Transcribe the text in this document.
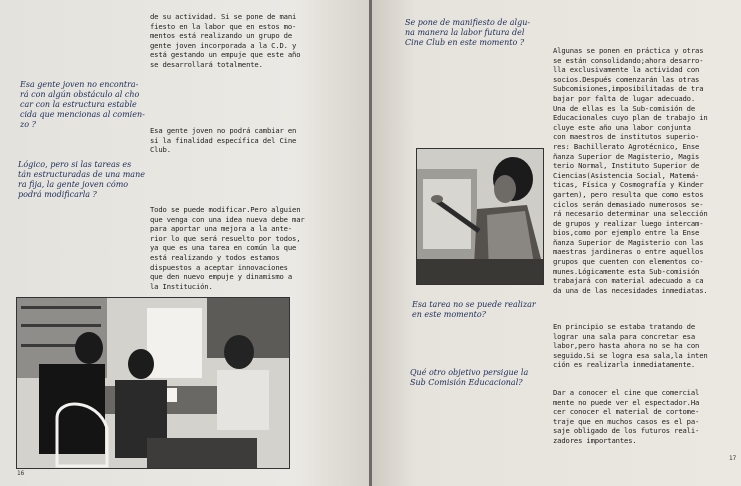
Esa gente joven no encontra-
rá con algún obstáculo al cho
car con la estructura estable
cida que mencionas al comien-
zo ?
Lógico, pero si las tareas es
tán estructuradas de una mane
ra fija, la gente joven cómo
podrá modificarla ?
de su actividad. Si se pone de mani
fiesto en la labor que en estos mo-
mentos está realizando un grupo de
gente joven incorporada a la C.D. y
está gestando un empuje que este año
se desarrollará totalmente.
Esa gente joven no podrá cambiar en
sí la finalidad específica del Cine
Club.
Todo se puede modificar.Pero alguien
que venga con una idea nueva debe mar
para aportar una mejora a la ante-
rior lo que será resuelto por todos,
ya que es una tarea en común la que
está realizando y todos estamos
dispuestos a aceptar innovaciones
que den nuevo empuje y dinamismo a
la Institución.
16
Se pone de manifiesto de algu-
na manera la labor futura del
Cine Club en este momento ?
Esa tarea no se puede realizar
en este momento?
Qué otro objetivo persigue la
Sub Comisión Educacional?
Algunas se ponen en práctica y otras
se están consolidando;ahora desarro-
lla exclusivamente la actividad con
socios.Después comenzarán las otras
Subcomisiones,imposibilitadas de tra
bajar por falta de lugar adecuado.
Una de ellas es la Sub-comisión de
Educacionales cuyo plan de trabajo in
cluye este año una labor conjunta
con maestros de institutos superio-
res: Bachillerato Agrotécnico, Ense
ñanza Superior de Magisterio, Magis
terio Normal, Instituto Superior de
Ciencias(Asistencia Social, Matemá-
ticas, Física y Cosmografía y Kinder
garten), pero resulta que como estos
ciclos serán demasiado numerosos se-
rá necesario determinar una selección
de grupos y realizar luego intercam-
bios,como por ejemplo entre la Ense
ñanza Superior de Magisterio con las
maestras jardineras o entre aquellos
grupos que cuenten con elementos co-
munes.Lógicamente esta Sub-comisión
trabajará con material adecuado a ca
da una de las necesidades inmediatas.
En principio se estaba tratando de
lograr una sala para concretar esa
labor,pero hasta ahora no se ha con
seguido.Si se logra esa sala,la inten
ción es realizarla inmediatamente.
Dar a conocer el cine que comercial
mente no puede ver el espectador.Ha
cer conocer el material de cortome-
traje que en muchos casos es el pa-
saje obligado de los futuros reali-
zadores importantes.
17
